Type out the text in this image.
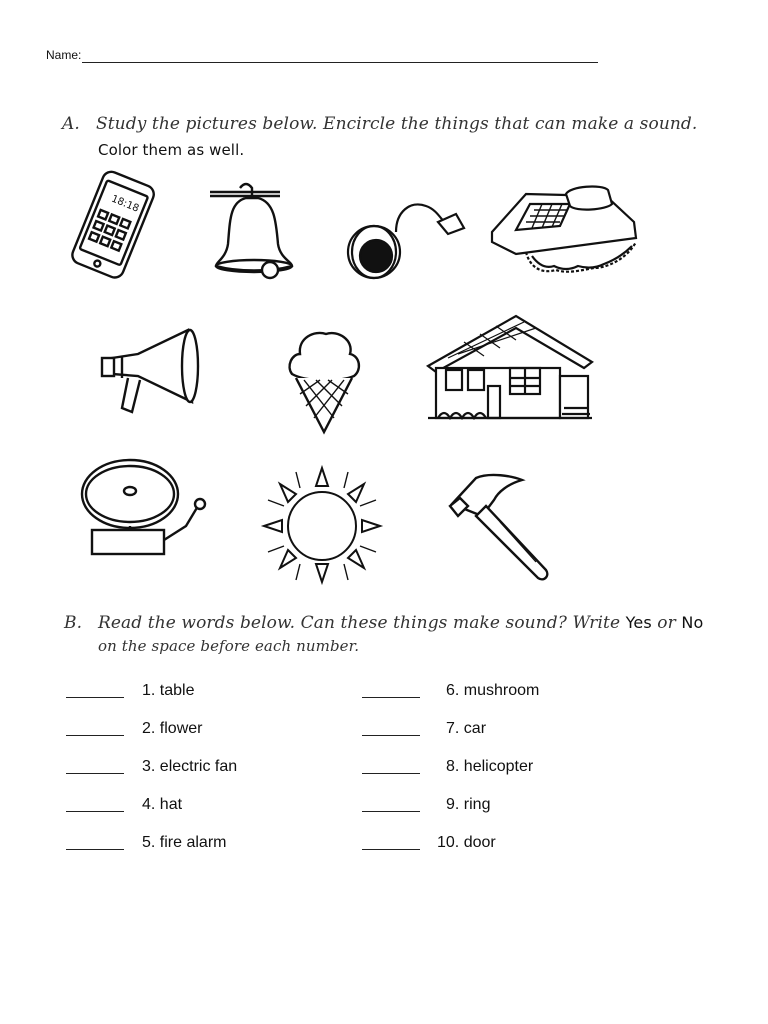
Name:
A. Study the pictures below. Encircle the things that can make a sound.
Color them as well.
18:18
B. Read the words below. Can these things make sound? Write Yes or No
on the space before each number.
1. table
2. flower
3. electric fan
4. hat
5. fire alarm
6. mushroom
7. car
8. helicopter
9. ring
10. door
